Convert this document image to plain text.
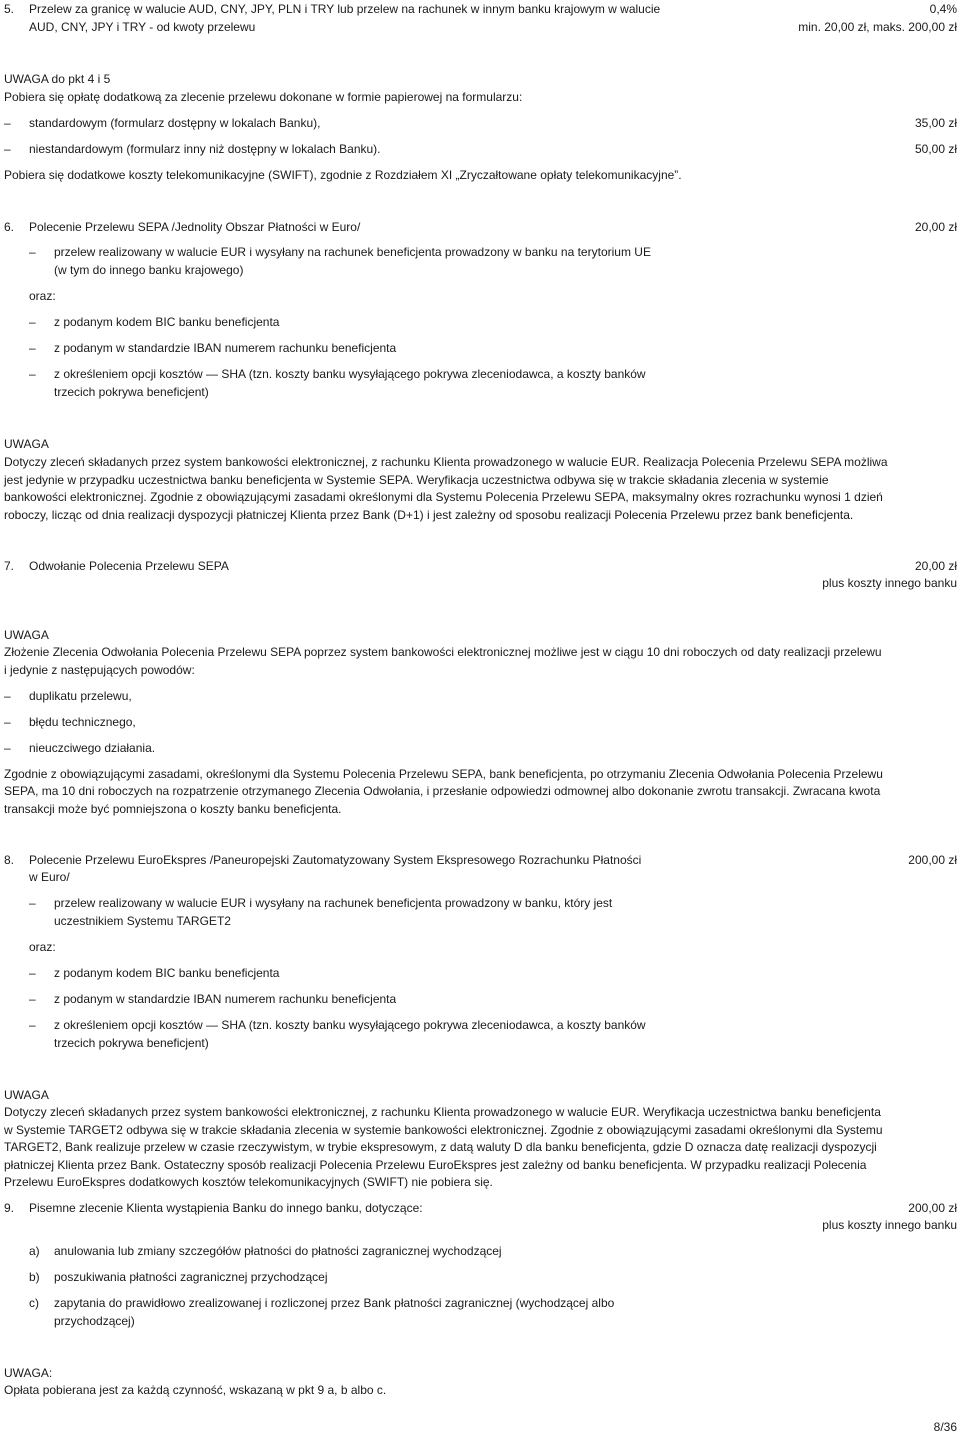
5. Przelew za granicę w walucie AUD, CNY, JPY, PLN i TRY lub przelew na rachunek w innym banku krajowym w walucie	0,4%
AUD, CNY, JPY i TRY - od kwoty przelewu	min. 20,00 zł, maks. 200,00 zł
UWAGA do pkt 4 i 5
Pobiera się opłatę dodatkową za zlecenie przelewu dokonane w formie papierowej na formularzu:
– standardowym (formularz dostępny w lokalach Banku),	35,00 zł
– niestandardowym (formularz inny niż dostępny w lokalach Banku).	50,00 zł
Pobiera się dodatkowe koszty telekomunikacyjne (SWIFT), zgodnie z Rozdziałem XI „Zryczałtowane opłaty telekomunikacyjne”.
6. Polecenie Przelewu SEPA /Jednolity Obszar Płatności w Euro/	20,00 zł
– przelew realizowany w walucie EUR i wysyłany na rachunek beneficjenta prowadzony w banku na terytorium UE
(w tym do innego banku krajowego)
oraz:
– z podanym kodem BIC banku beneficjenta
– z podanym w standardzie IBAN numerem rachunku beneficjenta
– z określeniem opcji kosztów — SHA (tzn. koszty banku wysyłającego pokrywa zleceniodawca, a koszty banków
trzecich pokrywa beneficjent)
UWAGA
Dotyczy zleceń składanych przez system bankowości elektronicznej, z rachunku Klienta prowadzonego w walucie EUR. Realizacja Polecenia Przelewu SEPA możliwa
jest jedynie w przypadku uczestnictwa banku beneficjenta w Systemie SEPA. Weryfikacja uczestnictwa odbywa się w trakcie składania zlecenia w systemie
bankowości elektronicznej. Zgodnie z obowiązującymi zasadami określonymi dla Systemu Polecenia Przelewu SEPA, maksymalny okres rozrachunku wynosi 1 dzień
roboczy, licząc od dnia realizacji dyspozycji płatniczej Klienta przez Bank (D+1) i jest zależny od sposobu realizacji Polecenia Przelewu przez bank beneficjenta.
7. Odwołanie Polecenia Przelewu SEPA	20,00 zł
plus koszty innego banku
UWAGA
Złożenie Zlecenia Odwołania Polecenia Przelewu SEPA poprzez system bankowości elektronicznej możliwe jest w ciągu 10 dni roboczych od daty realizacji przelewu
i jedynie z następujących powodów:
– duplikatu przelewu,
– błędu technicznego,
– nieuczciwego działania.
Zgodnie z obowiązującymi zasadami, określonymi dla Systemu Polecenia Przelewu SEPA, bank beneficjenta, po otrzymaniu Zlecenia Odwołania Polecenia Przelewu
SEPA, ma 10 dni roboczych na rozpatrzenie otrzymanego Zlecenia Odwołania, i przesłanie odpowiedzi odmownej albo dokonanie zwrotu transakcji. Zwracana kwota
transakcji może być pomniejszona o koszty banku beneficjenta.
8. Polecenie Przelewu EuroEkspres /Paneuropejski Zautomatyzowany System Ekspresowego Rozrachunku Płatności	200,00 zł
w Euro/
– przelew realizowany w walucie EUR i wysyłany na rachunek beneficjenta prowadzony w banku, który jest
uczestnikiem Systemu TARGET2
oraz:
– z podanym kodem BIC banku beneficjenta
– z podanym w standardzie IBAN numerem rachunku beneficjenta
– z określeniem opcji kosztów — SHA (tzn. koszty banku wysyłającego pokrywa zleceniodawca, a koszty banków
trzecich pokrywa beneficjent)
UWAGA
Dotyczy zleceń składanych przez system bankowości elektronicznej, z rachunku Klienta prowadzonego w walucie EUR. Weryfikacja uczestnictwa banku beneficjenta
w Systemie TARGET2 odbywa się w trakcie składania zlecenia w systemie bankowości elektronicznej. Zgodnie z obowiązującymi zasadami określonymi dla Systemu
TARGET2, Bank realizuje przelew w czasie rzeczywistym, w trybie ekspresowym, z datą waluty D dla banku beneficjenta, gdzie D oznacza datę realizacji dyspozycji
płatniczej Klienta przez Bank. Ostateczny sposób realizacji Polecenia Przelewu EuroEkspres jest zależny od banku beneficjenta. W przypadku realizacji Polecenia
Przelewu EuroEkspres dodatkowych kosztów telekomunikacyjnych (SWIFT) nie pobiera się.
9. Pisemne zlecenie Klienta wystąpienia Banku do innego banku, dotyczące:	200,00 zł
plus koszty innego banku
a) anulowania lub zmiany szczegółów płatności do płatności zagranicznej wychodzącej
b) poszukiwania płatności zagranicznej przychodzącej
c) zapytania do prawidłowo zrealizowanej i rozliczonej przez Bank płatności zagranicznej (wychodzącej albo
przychodzącej)
UWAGA:
Opłata pobierana jest za każdą czynność, wskazaną w pkt 9 a, b albo c.
8/36
